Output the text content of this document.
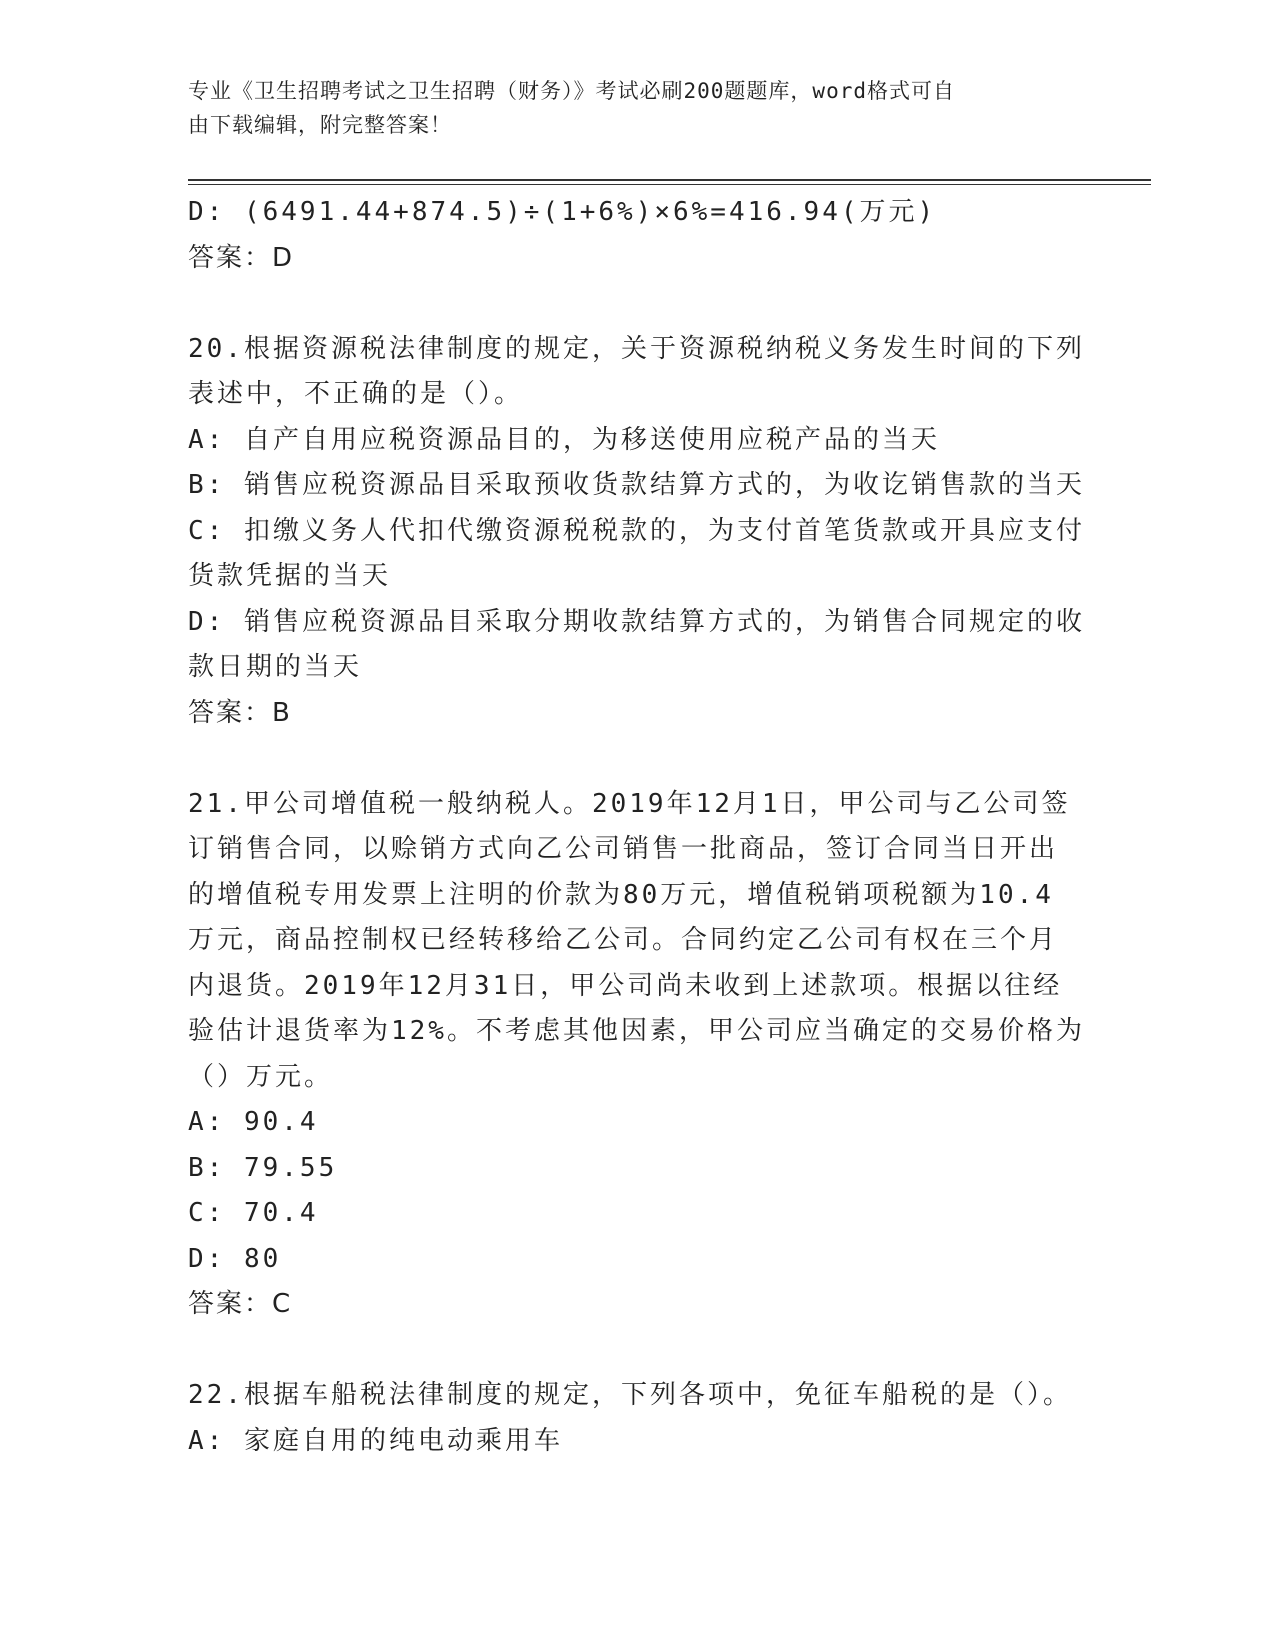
专业《卫生招聘考试之卫生招聘（财务）》考试必刷200题题库，word格式可自
由下载编辑，附完整答案！
D: (6491.44+874.5)÷(1+6%)×6%=416.94(万元)
答案：D
20.根据资源税法律制度的规定，关于资源税纳税义务发生时间的下列
表述中，不正确的是（）。
A: 自产自用应税资源品目的，为移送使用应税产品的当天
B: 销售应税资源品目采取预收货款结算方式的，为收讫销售款的当天
C: 扣缴义务人代扣代缴资源税税款的，为支付首笔货款或开具应支付
货款凭据的当天
D: 销售应税资源品目采取分期收款结算方式的，为销售合同规定的收
款日期的当天
答案：B
21.甲公司增值税一般纳税人。2019年12月1日，甲公司与乙公司签
订销售合同，以赊销方式向乙公司销售一批商品，签订合同当日开出
的增值税专用发票上注明的价款为80万元，增值税销项税额为10.4
万元，商品控制权已经转移给乙公司。合同约定乙公司有权在三个月
内退货。2019年12月31日，甲公司尚未收到上述款项。根据以往经
验估计退货率为12%。不考虑其他因素，甲公司应当确定的交易价格为
（）万元。
A: 90.4
B: 79.55
C: 70.4
D: 80
答案：C
22.根据车船税法律制度的规定，下列各项中，免征车船税的是（）。
A: 家庭自用的纯电动乘用车
